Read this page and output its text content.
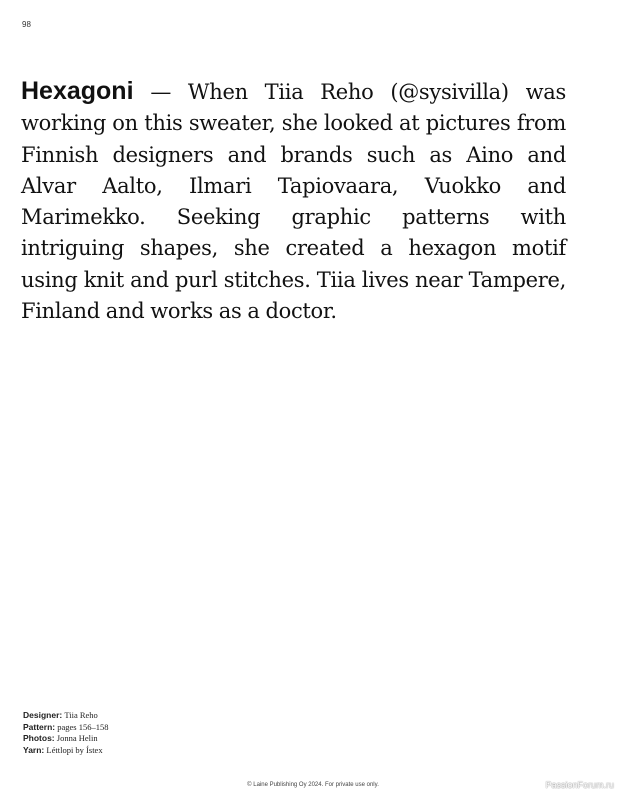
98

Hexagoni — When Tiia Reho (@sysivilla) was working on this sweater, she looked at pictures from Finnish designers and brands such as Aino and Alvar Aalto, Ilmari Tapiovaara, Vuokko and Marimekko. Seeking graphic patterns with intriguing shapes, she created a hexagon motif using knit and purl stitches. Tiia lives near Tampere, Finland and works as a doctor.

Designer: Tiia Reho
Pattern: pages 156–158
Photos: Jonna Helin
Yarn: Léttlopi by Ístex
© Laine Publishing Oy 2024. For private use only.	PassionForum.ru
